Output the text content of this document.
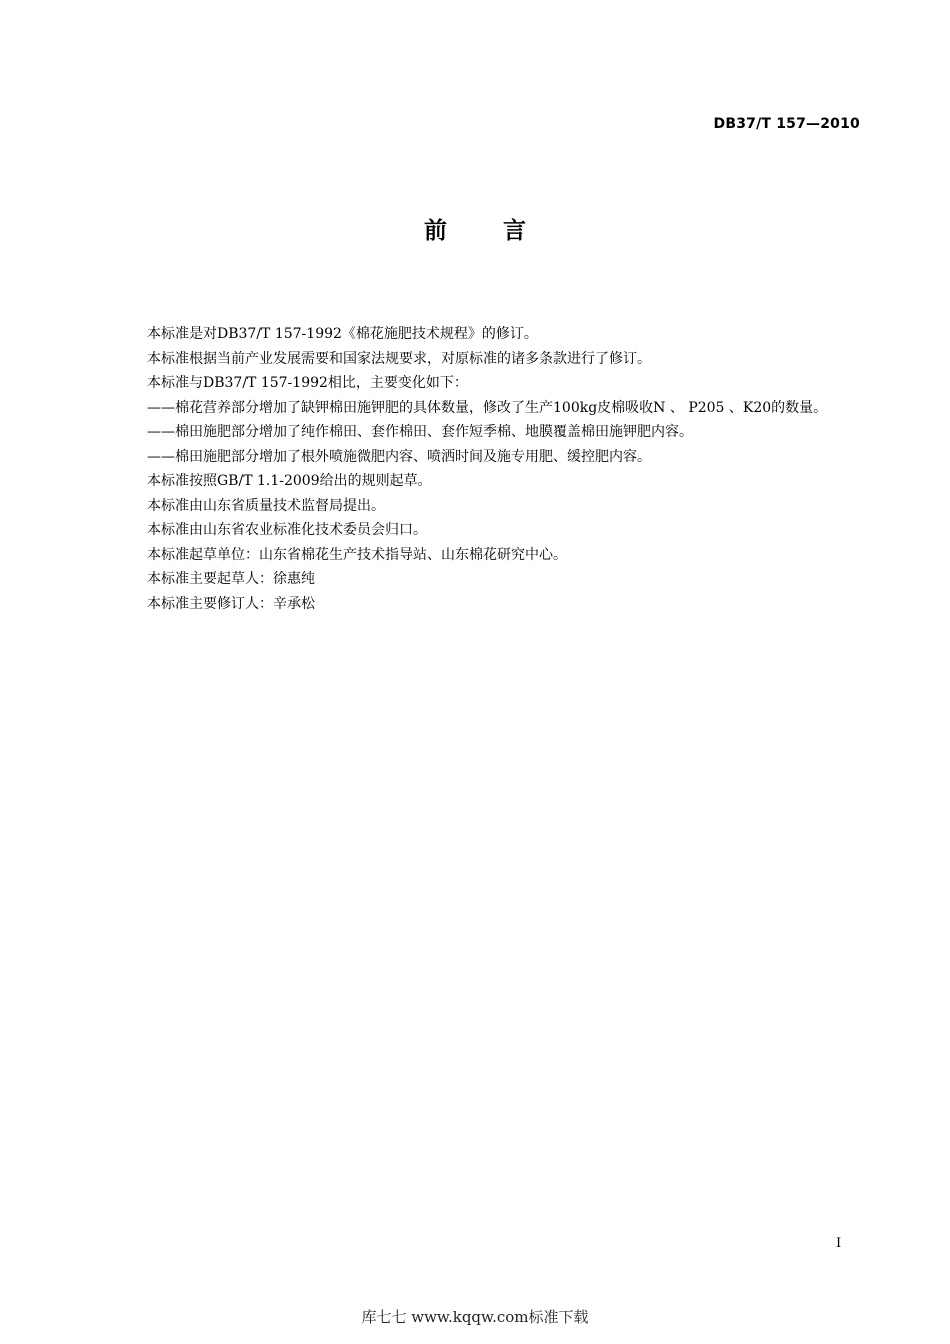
DB37/T 157—2010
前言

本标准是对DB37/T 157-1992《棉花施肥技术规程》的修订。

本标准根据当前产业发展需要和国家法规要求，对原标准的诸多条款进行了修订。

本标准与DB37/T 157-1992相比，主要变化如下：

——棉花营养部分增加了缺钾棉田施钾肥的具体数量，修改了生产100kg皮棉吸收N 、 P205 、K20的数量。

——棉田施肥部分增加了纯作棉田、套作棉田、套作短季棉、地膜覆盖棉田施钾肥内容。

——棉田施肥部分增加了根外喷施微肥内容、喷洒时间及施专用肥、缓控肥内容。

本标准按照GB/T 1.1-2009给出的规则起草。

本标准由山东省质量技术监督局提出。

本标准由山东省农业标准化技术委员会归口。

本标准起草单位：山东省棉花生产技术指导站、山东棉花研究中心。

本标准主要起草人：徐惠纯

本标准主要修订人：辛承松

I
库七七 www.kqqw.com标准下载
